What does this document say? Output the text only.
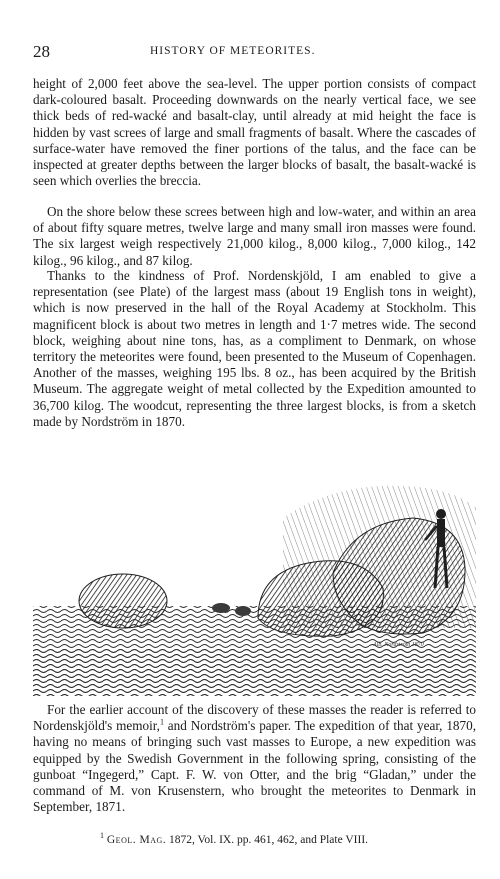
28	HISTORY OF METEORITES.

height of 2,000 feet above the sea-level. The upper portion consists of compact dark-coloured basalt. Proceeding downwards on the nearly vertical face, we see thick beds of red-wacké and basalt-clay, until already at mid height the face is hidden by vast screes of large and small fragments of basalt. Where the cascades of surface-water have removed the finer portions of the talus, and the face can be inspected at greater depths between the larger blocks of basalt, the basalt-wacké is seen which overlies the breccia.

On the shore below these screes between high and low-water, and within an area of about fifty square metres, twelve large and many small iron masses were found. The six largest weigh respectively 21,000 kilog., 8,000 kilog., 7,000 kilog., 142 kilog., 96 kilog., and 87 kilog.

Thanks to the kindness of Prof. Nordenskjöld, I am enabled to give a representation (see Plate) of the largest mass (about 19 English tons in weight), which is now preserved in the hall of the Royal Academy at Stockholm. This magnificent block is about two metres in length and 1·7 metres wide. The second block, weighing about nine tons, has, as a compliment to Denmark, on whose territory the meteorites were found, been presented to the Museum of Copenhagen. Another of the masses, weighing 195 lbs. 8 oz., has been acquired by the British Museum. The aggregate weight of metal collected by the Expedition amounted to 36,700 kilog. The woodcut, representing the three largest blocks, is from a sketch made by Nordström in 1870.

Alb. Nordström 1870

For the earlier account of the discovery of these masses the reader is referred to Nordenskjöld's memoir,$^1$ and Nordström's paper. The expedition of that year, 1870, having no means of bringing such vast masses to Europe, a new expedition was equipped by the Swedish Government in the following spring, consisting of the gunboat “Ingegerd,” Capt. F. W. von Otter, and the brig “Gladan,” under the command of M. von Krusenstern, who brought the meteorites to Denmark in September, 1871.

$^1$ Geol. Mag. 1872, Vol. IX. pp. 461, 462, and Plate VIII.
